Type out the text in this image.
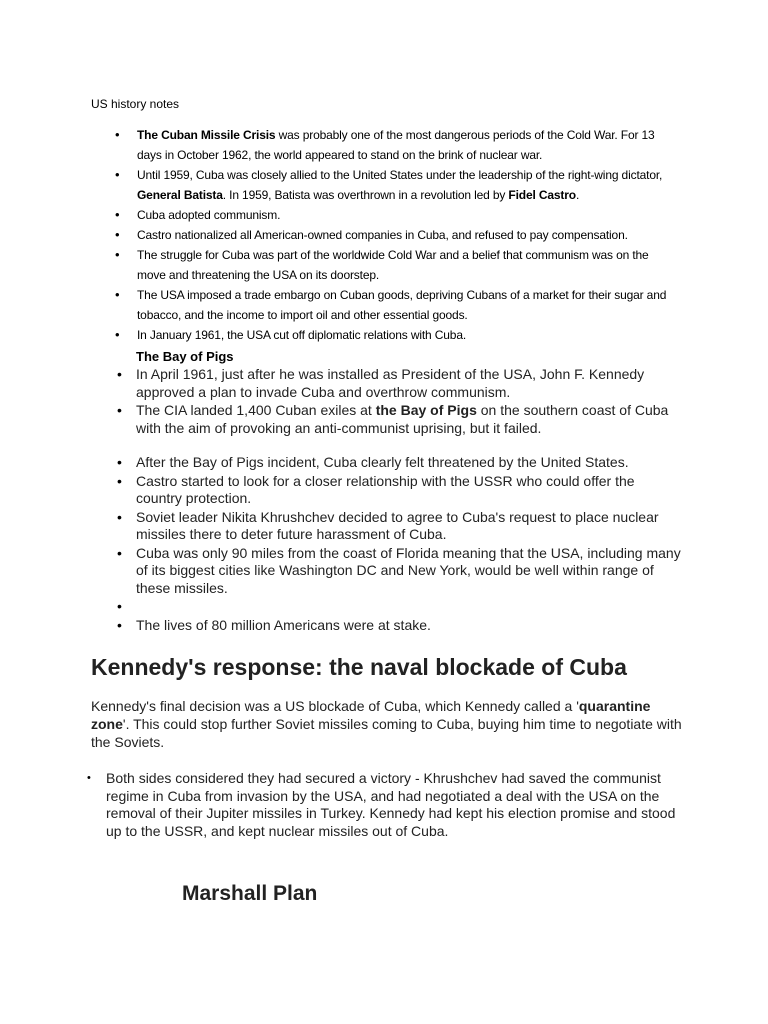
US history notes
• The Cuban Missile Crisis was probably one of the most dangerous periods of the Cold War. For 13 days in October 1962, the world appeared to stand on the brink of nuclear war.
• Until 1959, Cuba was closely allied to the United States under the leadership of the right-wing dictator, General Batista. In 1959, Batista was overthrown in a revolution led by Fidel Castro.
• Cuba adopted communism.
• Castro nationalized all American-owned companies in Cuba, and refused to pay compensation.
• The struggle for Cuba was part of the worldwide Cold War and a belief that communism was on the move and threatening the USA on its doorstep.
• The USA imposed a trade embargo on Cuban goods, depriving Cubans of a market for their sugar and tobacco, and the income to import oil and other essential goods.
• In January 1961, the USA cut off diplomatic relations with Cuba.
The Bay of Pigs
• In April 1961, just after he was installed as President of the USA, John F. Kennedy approved a plan to invade Cuba and overthrow communism.
• The CIA landed 1,400 Cuban exiles at the Bay of Pigs on the southern coast of Cuba with the aim of provoking an anti-communist uprising, but it failed.
• After the Bay of Pigs incident, Cuba clearly felt threatened by the United States.
• Castro started to look for a closer relationship with the USSR who could offer the country protection.
• Soviet leader Nikita Khrushchev decided to agree to Cuba's request to place nuclear missiles there to deter future harassment of Cuba.
• Cuba was only 90 miles from the coast of Florida meaning that the USA, including many of its biggest cities like Washington DC and New York, would be well within range of these missiles.
•
• The lives of 80 million Americans were at stake.
Kennedy's response: the naval blockade of Cuba
Kennedy's final decision was a US blockade of Cuba, which Kennedy called a 'quarantine zone'. This could stop further Soviet missiles coming to Cuba, buying him time to negotiate with the Soviets.
• Both sides considered they had secured a victory - Khrushchev had saved the communist regime in Cuba from invasion by the USA, and had negotiated a deal with the USA on the removal of their Jupiter missiles in Turkey. Kennedy had kept his election promise and stood up to the USSR, and kept nuclear missiles out of Cuba.
Marshall Plan
